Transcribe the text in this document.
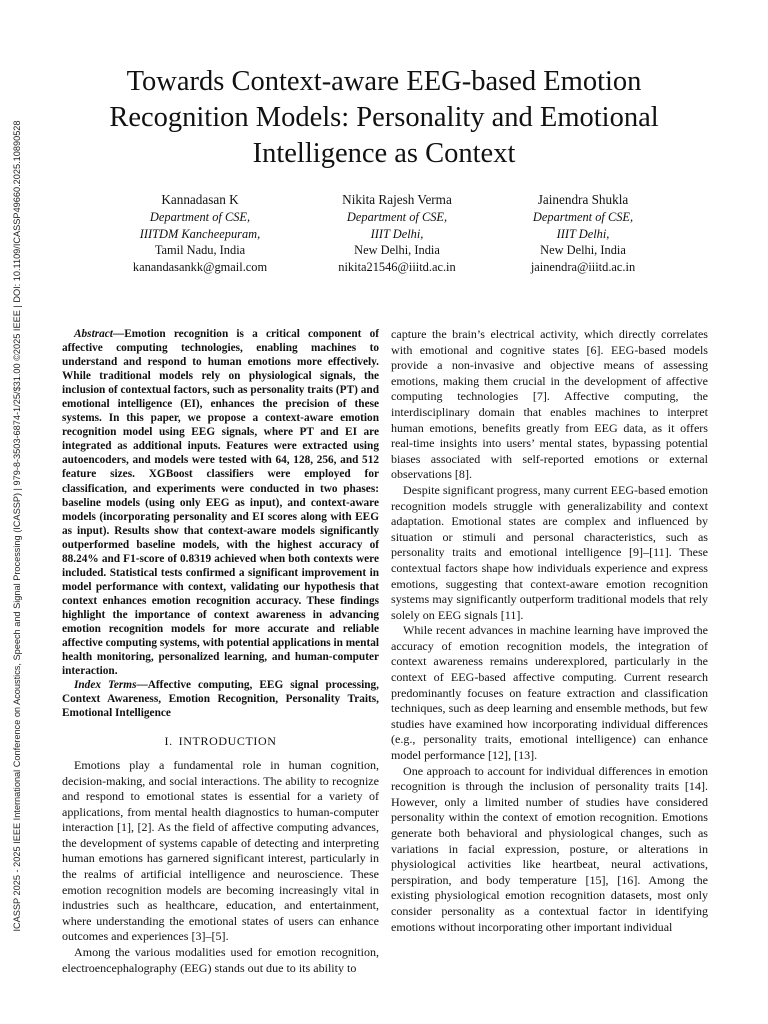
ICASSP 2025 - 2025 IEEE International Conference on Acoustics, Speech and Signal Processing (ICASSP) | 979-8-3503-6874-1/25/$31.00 ©2025 IEEE | DOI: 10.1109/ICASSP49660.2025.10890528
Towards Context-aware EEG-based Emotion
Recognition Models: Personality and Emotional
Intelligence as Context
Kannadasan K
Department of CSE,
IIITDM Kancheepuram,
Tamil Nadu, India
kanandasankk@gmail.com
Nikita Rajesh Verma
Department of CSE,
IIIT Delhi,
New Delhi, India
nikita21546@iiitd.ac.in
Jainendra Shukla
Department of CSE,
IIIT Delhi,
New Delhi, India
jainendra@iiitd.ac.in

Abstract—Emotion recognition is a critical component of affective computing technologies, enabling machines to understand and respond to human emotions more effectively. While traditional models rely on physiological signals, the inclusion of contextual factors, such as personality traits (PT) and emotional intelligence (EI), enhances the precision of these systems. In this paper, we propose a context-aware emotion recognition model using EEG signals, where PT and EI are integrated as additional inputs. Features were extracted using autoencoders, and models were tested with 64, 128, 256, and 512 feature sizes. XGBoost classifiers were employed for classification, and experiments were conducted in two phases: baseline models (using only EEG as input), and context-aware models (incorporating personality and EI scores along with EEG as input). Results show that context-aware models significantly outperformed baseline models, with the highest accuracy of 88.24% and F1-score of 0.8319 achieved when both contexts were included. Statistical tests confirmed a significant improvement in model performance with context, validating our hypothesis that context enhances emotion recognition accuracy. These findings highlight the importance of context awareness in advancing emotion recognition models for more accurate and reliable affective computing systems, with potential applications in mental health monitoring, personalized learning, and human-computer interaction.

Index Terms—Affective computing, EEG signal processing, Context Awareness, Emotion Recognition, Personality Traits, Emotional Intelligence

I. INTRODUCTION

Emotions play a fundamental role in human cognition, decision-making, and social interactions. The ability to recognize and respond to emotional states is essential for a variety of applications, from mental health diagnostics to human-computer interaction [1], [2]. As the field of affective computing advances, the development of systems capable of detecting and interpreting human emotions has garnered significant interest, particularly in the realms of artificial intelligence and neuroscience. These emotion recognition models are becoming increasingly vital in industries such as healthcare, education, and entertainment, where understanding the emotional states of users can enhance outcomes and experiences [3]–[5].

Among the various modalities used for emotion recognition, electroencephalography (EEG) stands out due to its ability to

capture the brain’s electrical activity, which directly correlates with emotional and cognitive states [6]. EEG-based models provide a non-invasive and objective means of assessing emotions, making them crucial in the development of affective computing technologies [7]. Affective computing, the interdisciplinary domain that enables machines to interpret human emotions, benefits greatly from EEG data, as it offers real-time insights into users’ mental states, bypassing potential biases associated with self-reported emotions or external observations [8].

Despite significant progress, many current EEG-based emotion recognition models struggle with generalizability and context adaptation. Emotional states are complex and influenced by situation or stimuli and personal characteristics, such as personality traits and emotional intelligence [9]–[11]. These contextual factors shape how individuals experience and express emotions, suggesting that context-aware emotion recognition systems may significantly outperform traditional models that rely solely on EEG signals [11].

While recent advances in machine learning have improved the accuracy of emotion recognition models, the integration of context awareness remains underexplored, particularly in the context of EEG-based affective computing. Current research predominantly focuses on feature extraction and classification techniques, such as deep learning and ensemble methods, but few studies have examined how incorporating individual differences (e.g., personality traits, emotional intelligence) can enhance model performance [12], [13].

One approach to account for individual differences in emotion recognition is through the inclusion of personality traits [14]. However, only a limited number of studies have considered personality within the context of emotion recognition. Emotions generate both behavioral and physiological changes, such as variations in facial expression, posture, or alterations in physiological activities like heartbeat, neural activations, perspiration, and body temperature [15], [16]. Among the existing physiological emotion recognition datasets, most only consider personality as a contextual factor in identifying emotions without incorporating other important individual
